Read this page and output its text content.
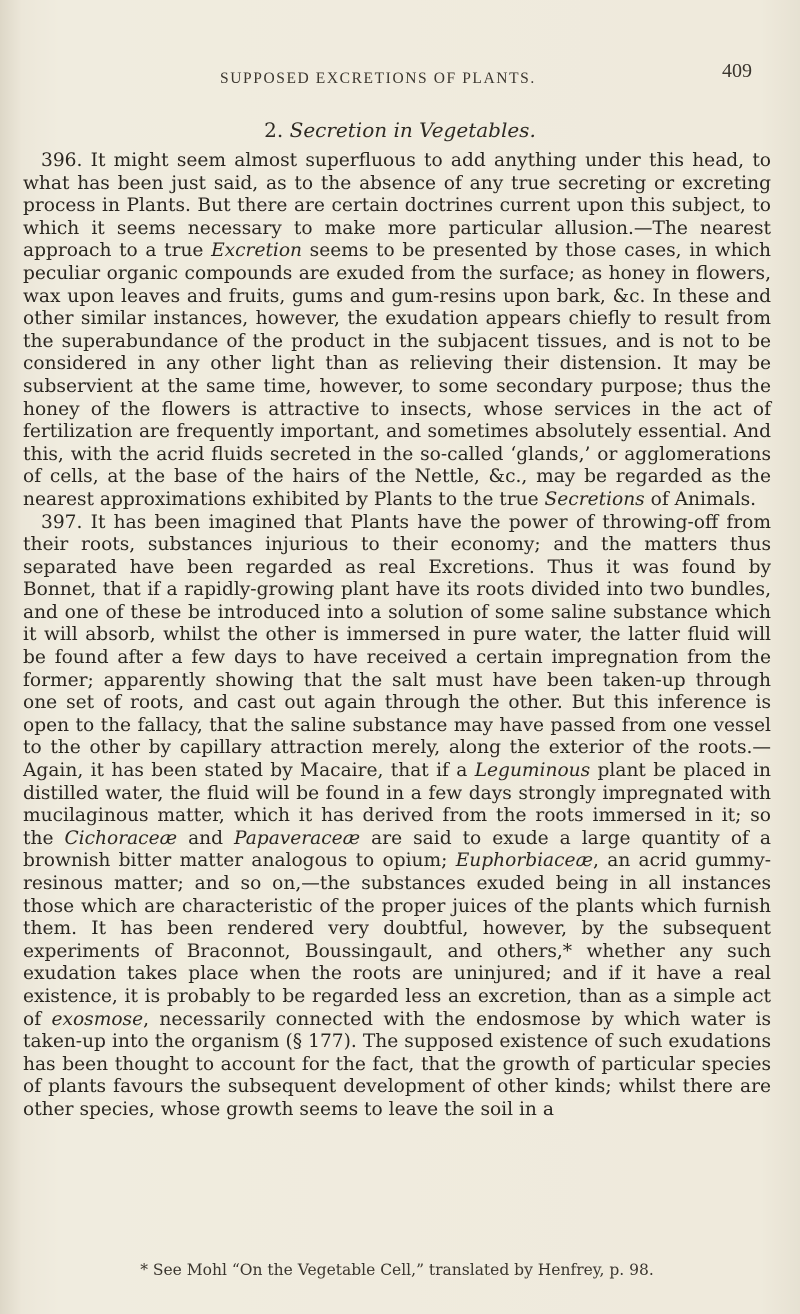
SUPPOSED EXCRETIONS OF PLANTS.	409
2. Secretion in Vegetables.

396. It might seem almost superfluous to add anything under this head, to what has been just said, as to the absence of any true secreting or excreting process in Plants. But there are certain doctrines current upon this subject, to which it seems necessary to make more particular allusion.—The nearest approach to a true Excretion seems to be presented by those cases, in which peculiar organic compounds are exuded from the surface; as honey in flowers, wax upon leaves and fruits, gums and gum-resins upon bark, &c. In these and other similar instances, however, the exudation appears chiefly to result from the superabundance of the product in the subjacent tissues, and is not to be considered in any other light than as relieving their distension. It may be subservient at the same time, however, to some secondary purpose; thus the honey of the flowers is attractive to insects, whose services in the act of fertilization are frequently important, and sometimes absolutely essential. And this, with the acrid fluids secreted in the so-called ‘glands,’ or agglomerations of cells, at the base of the hairs of the Nettle, &c., may be regarded as the nearest approximations exhibited by Plants to the true Secretions of Animals.

397. It has been imagined that Plants have the power of throwing-off from their roots, substances injurious to their economy; and the matters thus separated have been regarded as real Excretions. Thus it was found by Bonnet, that if a rapidly-growing plant have its roots divided into two bundles, and one of these be introduced into a solution of some saline substance which it will absorb, whilst the other is immersed in pure water, the latter fluid will be found after a few days to have received a certain impregnation from the former; apparently showing that the salt must have been taken-up through one set of roots, and cast out again through the other. But this inference is open to the fallacy, that the saline substance may have passed from one vessel to the other by capillary attraction merely, along the exterior of the roots.—Again, it has been stated by Macaire, that if a Leguminous plant be placed in distilled water, the fluid will be found in a few days strongly impregnated with mucilaginous matter, which it has derived from the roots immersed in it; so the Cichoraceæ and Papaveraceæ are said to exude a large quantity of a brownish bitter matter analogous to opium; Euphorbiaceæ, an acrid gummy-resinous matter; and so on,—the substances exuded being in all instances those which are characteristic of the proper juices of the plants which furnish them. It has been rendered very doubtful, however, by the subsequent experiments of Braconnot, Boussingault, and others,* whether any such exudation takes place when the roots are uninjured; and if it have a real existence, it is probably to be regarded less an excretion, than as a simple act of exosmose, necessarily connected with the endosmose by which water is taken-up into the organism (§ 177). The supposed existence of such exudations has been thought to account for the fact, that the growth of particular species of plants favours the subsequent development of other kinds; whilst there are other species, whose growth seems to leave the soil in a

* See Mohl “On the Vegetable Cell,” translated by Henfrey, p. 98.
